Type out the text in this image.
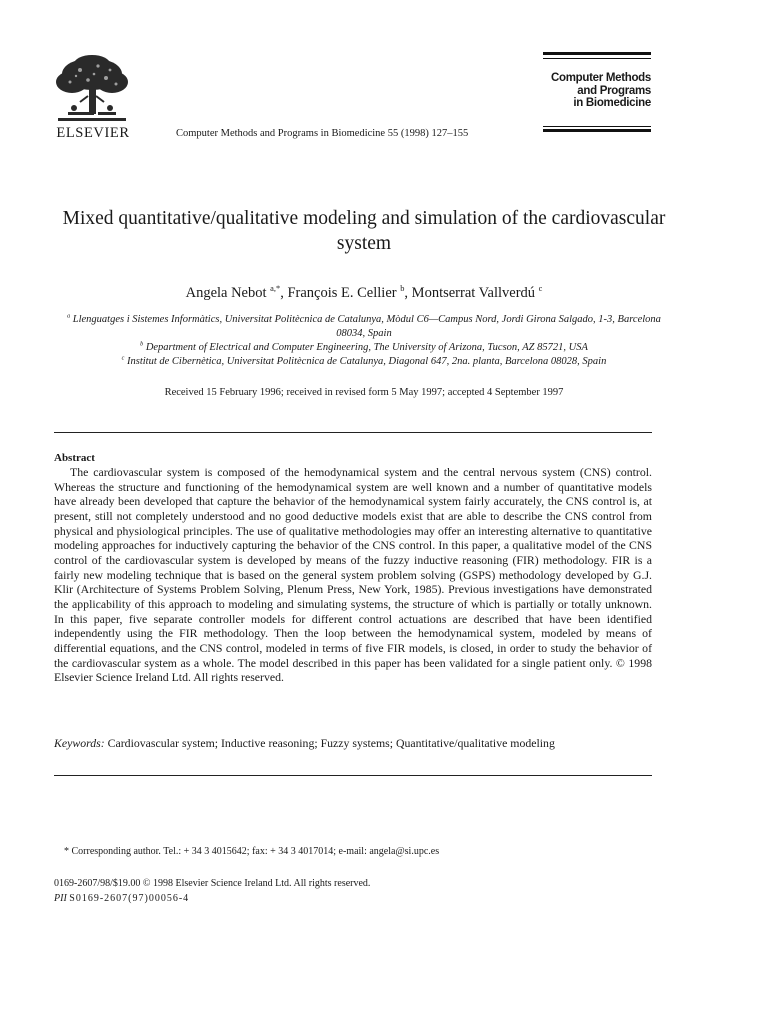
ELSEVIER	Computer Methods and Programs in Biomedicine 55 (1998) 127–155
Computer Methods
and Programs
in Biomedicine
Mixed quantitative/qualitative modeling and simulation of the cardiovascular system
Angela Nebot $^{a,*}$, François E. Cellier $^b$, Montserrat Vallverdú $^c$
$^a$ Llenguatges i Sistemes Informàtics, Universitat Politècnica de Catalunya, Mòdul C6—Campus Nord, Jordi Girona Salgado, 1-3, Barcelona 08034, Spain
$^b$ Department of Electrical and Computer Engineering, The University of Arizona, Tucson, AZ 85721, USA
$^c$ Institut de Cibernètica, Universitat Politècnica de Catalunya, Diagonal 647, 2na. planta, Barcelona 08028, Spain
Received 15 February 1996; received in revised form 5 May 1997; accepted 4 September 1997
Abstract

The cardiovascular system is composed of the hemodynamical system and the central nervous system (CNS) control. Whereas the structure and functioning of the hemodynamical system are well known and a number of quantitative models have already been developed that capture the behavior of the hemodynamical system fairly accurately, the CNS control is, at present, still not completely understood and no good deductive models exist that are able to describe the CNS control from physical and physiological principles. The use of qualitative methodologies may offer an interesting alternative to quantitative modeling approaches for inductively capturing the behavior of the CNS control. In this paper, a qualitative model of the CNS control of the cardiovascular system is developed by means of the fuzzy inductive reasoning (FIR) methodology. FIR is a fairly new modeling technique that is based on the general system problem solving (GSPS) methodology developed by G.J. Klir (Architecture of Systems Problem Solving, Plenum Press, New York, 1985). Previous investigations have demonstrated the applicability of this approach to modeling and simulating systems, the structure of which is partially or totally unknown. In this paper, five separate controller models for different control actuations are described that have been identified independently using the FIR methodology. Then the loop between the hemodynamical system, modeled by means of differential equations, and the CNS control, modeled in terms of five FIR models, is closed, in order to study the behavior of the cardiovascular system as a whole. The model described in this paper has been validated for a single patient only. © 1998 Elsevier Science Ireland Ltd. All rights reserved.

Keywords: Cardiovascular system; Inductive reasoning; Fuzzy systems; Quantitative/qualitative modeling
* Corresponding author. Tel.: + 34 3 4015642; fax: + 34 3 4017014; e-mail: angela@si.upc.es
0169-2607/98/$19.00 © 1998 Elsevier Science Ireland Ltd. All rights reserved.
PII S0169-2607(97)00056-4
